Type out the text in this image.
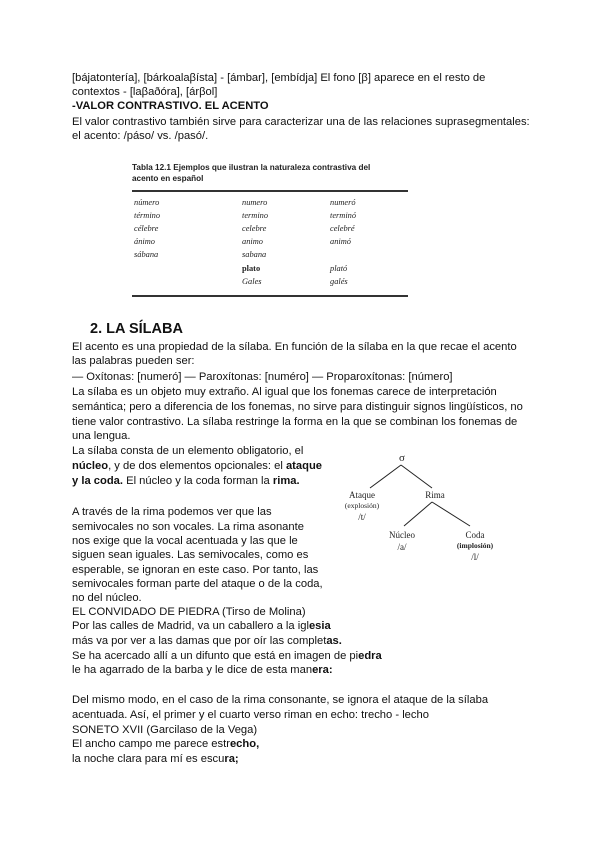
[bájatontería], [bárkoalaβísta] - [ámbar], [embídja] El fono [β] aparece en el resto de
contextos - [laβaðóra], [árβol]
-VALOR CONTRASTIVO. EL ACENTO
El valor contrastivo también sirve para caracterizar una de las relaciones suprasegmentales:
el acento: /páso/ vs. /pasó/.
Tabla 12.1 Ejemplos que ilustran la naturaleza contrastiva del
acento en español
número
término
célebre
ánimo
sábana
numero
termino
celebre
animo
sabana
plato
Gales
numeró
terminó
celebré
animó
plató
galés
2. LA SÍLABA
El acento es una propiedad de la sílaba. En función de la sílaba en la que recae el acento
las palabras pueden ser:
— Oxítonas: [numeró] — Paroxítonas: [numéro] — Proparoxítonas: [número]
La sílaba es un objeto muy extraño. Al igual que los fonemas carece de interpretación
semántica; pero a diferencia de los fonemas, no sirve para distinguir signos lingüísticos, no
tiene valor contrastivo. La sílaba restringe la forma en la que se combinan los fonemas de
una lengua.
La sílaba consta de un elemento obligatorio, el
núcleo, y de dos elementos opcionales: el ataque
y la coda. El núcleo y la coda forman la rima.
A través de la rima podemos ver que las
semivocales no son vocales. La rima asonante
nos exige que la vocal acentuada y las que le
siguen sean iguales. Las semivocales, como es
esperable, se ignoran en este caso. Por tanto, las
semivocales forman parte del ataque o de la coda,
no del núcleo.
σ
Ataque
(explosión)
/t/
Rima
Núcleo
/a/
Coda
(implosión)
/l/
EL CONVIDADO DE PIEDRA (Tirso de Molina)
Por las calles de Madrid, va un caballero a la iglesia
más va por ver a las damas que por oír las completas.
Se ha acercado allí a un difunto que está en imagen de piedra
le ha agarrado de la barba y le dice de esta manera:
Del mismo modo, en el caso de la rima consonante, se ignora el ataque de la sílaba
acentuada. Así, el primer y el cuarto verso riman en echo: trecho - lecho
SONETO XVII (Garcilaso de la Vega)
El ancho campo me parece estrecho,
la noche clara para mí es escura;
